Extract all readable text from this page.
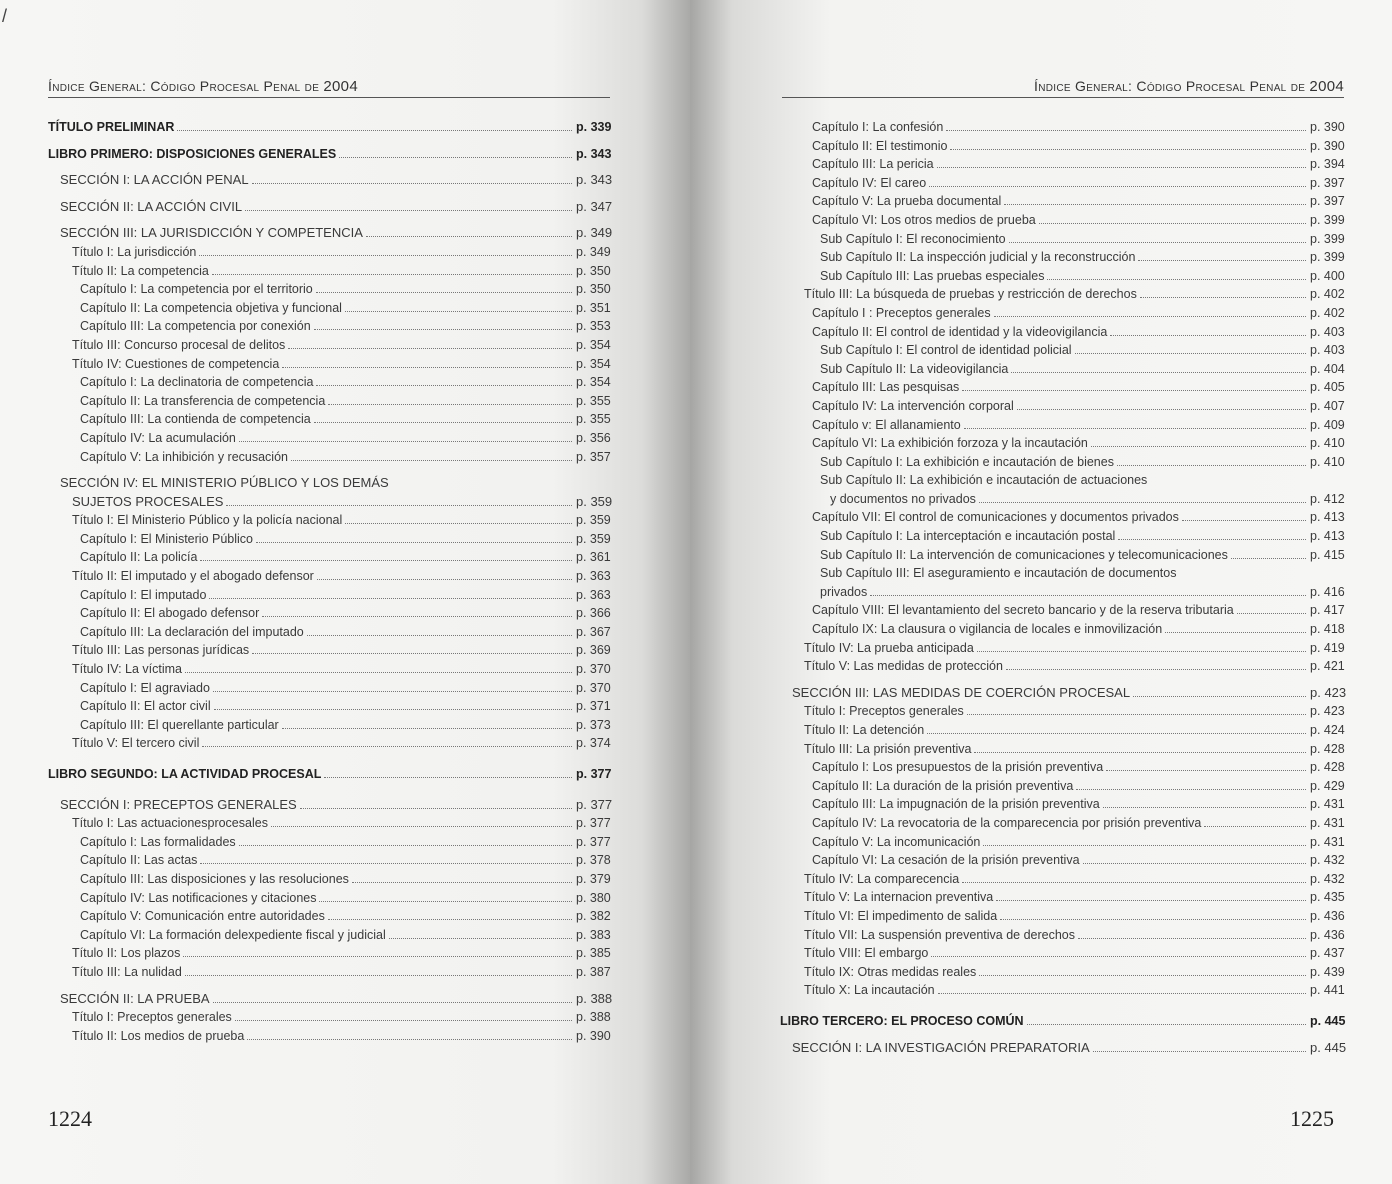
/
Índice General: Código Procesal Penal de 2004
TÍTULO PRELIMINAR	p. 339
LIBRO PRIMERO: DISPOSICIONES GENERALES	p. 343
SECCIÓN I: LA ACCIÓN PENAL	p. 343
SECCIÓN II: LA ACCIÓN CIVIL	p. 347
SECCIÓN III: LA JURISDICCIÓN Y COMPETENCIA	p. 349
Título I: La jurisdicción	p. 349
Título II: La competencia	p. 350
Capítulo I: La competencia por el territorio	p. 350
Capítulo II: La competencia objetiva y funcional	p. 351
Capítulo III: La competencia por conexión	p. 353
Título III: Concurso procesal de delitos	p. 354
Título IV: Cuestiones de competencia	p. 354
Capítulo I: La declinatoria de competencia	p. 354
Capítulo II: La transferencia de competencia	p. 355
Capítulo III: La contienda de competencia	p. 355
Capítulo IV: La acumulación	p. 356
Capítulo V: La inhibición y recusación	p. 357
SECCIÓN IV: EL MINISTERIO PÚBLICO Y LOS DEMÁS
SUJETOS PROCESALES	p. 359
Título I: El Ministerio Público y la policía nacional	p. 359
Capítulo I: El Ministerio Público	p. 359
Capítulo II: La policía	p. 361
Título II: El imputado y el abogado defensor	p. 363
Capítulo I: El imputado	p. 363
Capítulo II: El abogado defensor	p. 366
Capítulo III: La declaración del imputado	p. 367
Título III: Las personas jurídicas	p. 369
Título IV: La víctima	p. 370
Capítulo I: El agraviado	p. 370
Capítulo II: El actor civil	p. 371
Capítulo III: El querellante particular	p. 373
Título V: El tercero civil	p. 374
LIBRO SEGUNDO: LA ACTIVIDAD PROCESAL	p. 377
SECCIÓN I: PRECEPTOS GENERALES	p. 377
Título I: Las actuacionesprocesales	p. 377
Capítulo I: Las formalidades	p. 377
Capítulo II: Las actas	p. 378
Capítulo III: Las disposiciones y las resoluciones	p. 379
Capítulo IV: Las notificaciones y citaciones	p. 380
Capítulo V: Comunicación entre autoridades	p. 382
Capítulo VI: La formación delexpediente fiscal y judicial	p. 383
Título II: Los plazos	p. 385
Título III: La nulidad	p. 387
SECCIÓN II: LA PRUEBA	p. 388
Título I: Preceptos generales	p. 388
Título II: Los medios de prueba	p. 390
1224
Índice General: Código Procesal Penal de 2004
Capítulo I: La confesión	p. 390
Capítulo II: El testimonio	p. 390
Capítulo III: La pericia	p. 394
Capítulo IV: El careo	p. 397
Capítulo V: La prueba documental	p. 397
Capítulo VI: Los otros medios de prueba	p. 399
Sub Capítulo I: El reconocimiento	p. 399
Sub Capítulo II: La inspección judicial y la reconstrucción	p. 399
Sub Capítulo III: Las pruebas especiales	p. 400
Título III: La búsqueda de pruebas y restricción de derechos	p. 402
Capítulo I : Preceptos generales	p. 402
Capítulo II: El control de identidad y la videovigilancia	p. 403
Sub Capítulo I: El control de identidad policial	p. 403
Sub Capítulo II: La videovigilancia	p. 404
Capítulo III: Las pesquisas	p. 405
Capítulo IV: La intervención corporal	p. 407
Capítulo v: El allanamiento	p. 409
Capítulo VI: La exhibición forzoza y la incautación	p. 410
Sub Capítulo I: La exhibición e incautación de bienes	p. 410
Sub Capítulo II: La exhibición e incautación de actuaciones
y documentos no privados	p. 412
Capítulo VII: El control de comunicaciones y documentos privados	p. 413
Sub Capítulo I: La interceptación e incautación postal	p. 413
Sub Capítulo II: La intervención de comunicaciones y telecomunicaciones	p. 415
Sub Capítulo III: El aseguramiento e incautación de documentos
privados	p. 416
Capítulo VIII: El levantamiento del secreto bancario y de la reserva tributaria	p. 417
Capítulo IX: La clausura o vigilancia de locales e inmovilización	p. 418
Título IV: La prueba anticipada	p. 419
Título V: Las medidas de protección	p. 421
SECCIÓN III: LAS MEDIDAS DE COERCIÓN PROCESAL	p. 423
Título I: Preceptos generales	p. 423
Título II: La detención	p. 424
Título III: La prisión preventiva	p. 428
Capítulo I: Los presupuestos de la prisión preventiva	p. 428
Capítulo II: La duración de la prisión preventiva	p. 429
Capítulo III: La impugnación de la prisión preventiva	p. 431
Capítulo IV: La revocatoria de la comparecencia por prisión preventiva	p. 431
Capítulo V: La incomunicación	p. 431
Capítulo VI: La cesación de la prisión preventiva	p. 432
Título IV: La comparecencia	p. 432
Título V: La internacion preventiva	p. 435
Título VI: El impedimento de salida	p. 436
Título VII: La suspensión preventiva de derechos	p. 436
Título VIII: El embargo	p. 437
Título IX: Otras medidas reales	p. 439
Título X: La incautación	p. 441
LIBRO TERCERO: EL PROCESO COMÚN	p. 445
SECCIÓN I: LA INVESTIGACIÓN PREPARATORIA	p. 445
1225
